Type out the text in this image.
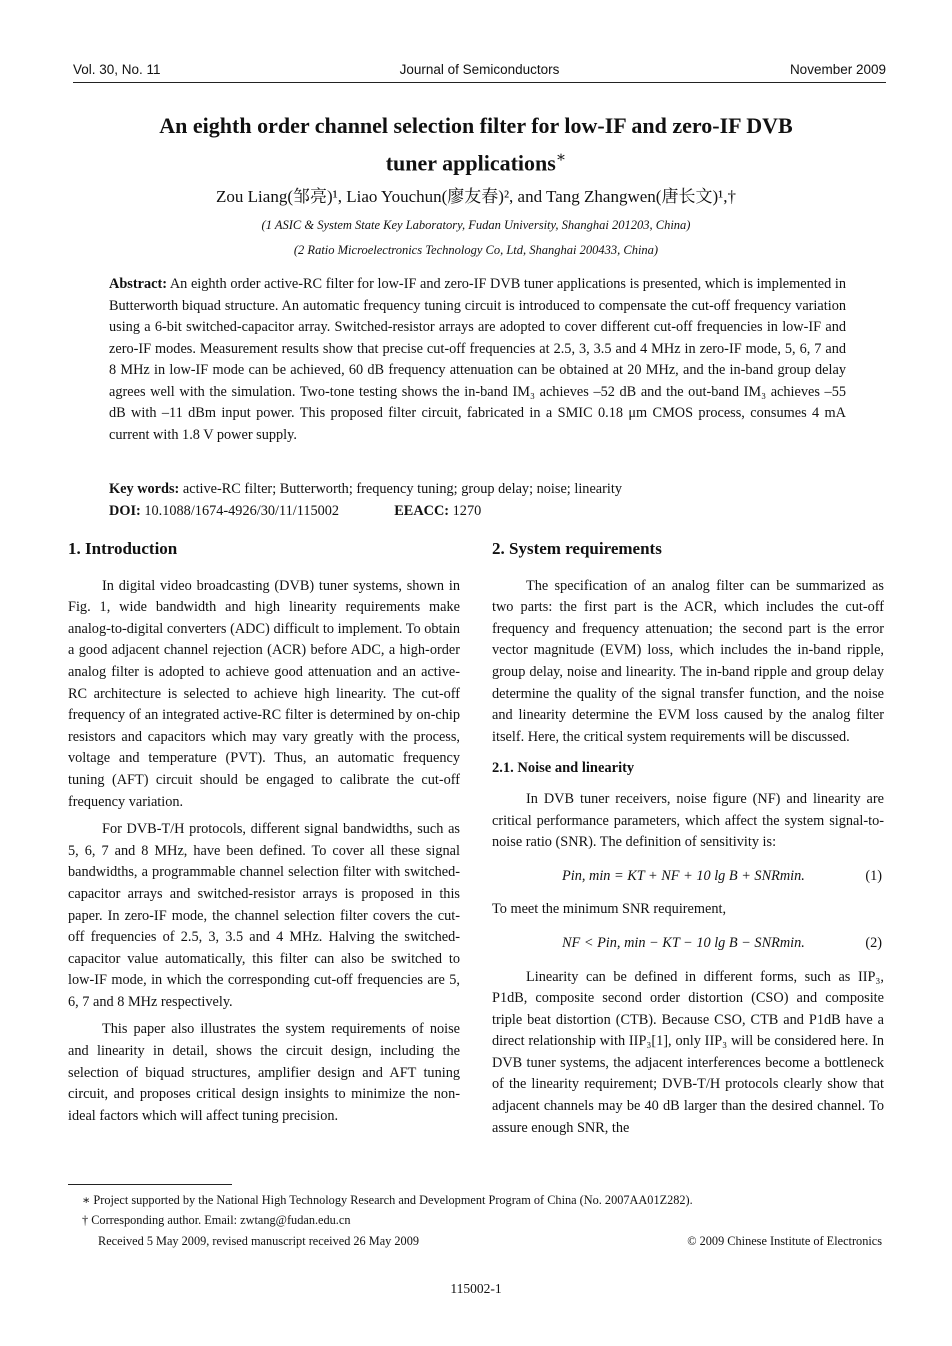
Vol. 30, No. 11	Journal of Semiconductors	November 2009
An eighth order channel selection filter for low-IF and zero-IF DVB
tuner applications∗
Zou Liang(邹亮)¹, Liao Youchun(廖友春)², and Tang Zhangwen(唐长文)¹,†
(1 ASIC & System State Key Laboratory, Fudan University, Shanghai 201203, China)
(2 Ratio Microelectronics Technology Co, Ltd, Shanghai 200433, China)
Abstract: An eighth order active-RC filter for low-IF and zero-IF DVB tuner applications is presented, which is implemented in Butterworth biquad structure. An automatic frequency tuning circuit is introduced to compensate the cut-off frequency variation using a 6-bit switched-capacitor array. Switched-resistor arrays are adopted to cover different cut-off frequencies in low-IF and zero-IF modes. Measurement results show that precise cut-off frequencies at 2.5, 3, 3.5 and 4 MHz in zero-IF mode, 5, 6, 7 and 8 MHz in low-IF mode can be achieved, 60 dB frequency attenuation can be obtained at 20 MHz, and the in-band group delay agrees well with the simulation. Two-tone testing shows the in-band IM₃ achieves –52 dB and the out-band IM₃ achieves –55 dB with –11 dBm input power. This proposed filter circuit, fabricated in a SMIC 0.18 μm CMOS process, consumes 4 mA current with 1.8 V power supply.
Key words: active-RC filter; Butterworth; frequency tuning; group delay; noise; linearity
DOI: 10.1088/1674-4926/30/11/115002	EEACC: 1270
1. Introduction

In digital video broadcasting (DVB) tuner systems, shown in Fig. 1, wide bandwidth and high linearity requirements make analog-to-digital converters (ADC) difficult to implement. To obtain a good adjacent channel rejection (ACR) before ADC, a high-order analog filter is adopted to achieve good attenuation and an active-RC architecture is selected to achieve high linearity. The cut-off frequency of an integrated active-RC filter is determined by on-chip resistors and capacitors which may vary greatly with the process, voltage and temperature (PVT). Thus, an automatic frequency tuning (AFT) circuit should be engaged to calibrate the cut-off frequency variation.

For DVB-T/H protocols, different signal bandwidths, such as 5, 6, 7 and 8 MHz, have been defined. To cover all these signal bandwidths, a programmable channel selection filter with switched-capacitor arrays and switched-resistor arrays is proposed in this paper. In zero-IF mode, the channel selection filter covers the cut-off frequencies of 2.5, 3, 3.5 and 4 MHz. Halving the switched-capacitor value automatically, this filter can also be switched to low-IF mode, in which the corresponding cut-off frequencies are 5, 6, 7 and 8 MHz respectively.

This paper also illustrates the system requirements of noise and linearity in detail, shows the circuit design, including the selection of biquad structures, amplifier design and AFT tuning circuit, and proposes critical design insights to minimize the non-ideal factors which will affect tuning precision.

2. System requirements

The specification of an analog filter can be summarized as two parts: the first part is the ACR, which includes the cut-off frequency and frequency attenuation; the second part is the error vector magnitude (EVM) loss, which includes the in-band ripple, group delay, noise and linearity. The in-band ripple and group delay determine the quality of the signal transfer function, and the noise and linearity determine the EVM loss caused by the analog filter itself. Here, the critical system requirements will be discussed.

2.1. Noise and linearity

In DVB tuner receivers, noise figure (NF) and linearity are critical performance parameters, which affect the system signal-to-noise ratio (SNR). The definition of sensitivity is:

Pin, min = KT + NF + 10 lg B + SNRmin.	(1)

To meet the minimum SNR requirement,

NF < Pin, min − KT − 10 lg B − SNRmin.	(2)

Linearity can be defined in different forms, such as IIP₃, P1dB, composite second order distortion (CSO) and composite triple beat distortion (CTB). Because CSO, CTB and P1dB have a direct relationship with IIP₃[1], only IIP₃ will be considered here. In DVB tuner systems, the adjacent interferences become a bottleneck of the linearity requirement; DVB-T/H protocols clearly show that adjacent channels may be 40 dB larger than the desired channel. To assure enough SNR, the

∗ Project supported by the National High Technology Research and Development Program of China (No. 2007AA01Z282).
† Corresponding author. Email: zwtang@fudan.edu.cn
Received 5 May 2009, revised manuscript received 26 May 2009	© 2009 Chinese Institute of Electronics
115002-1
